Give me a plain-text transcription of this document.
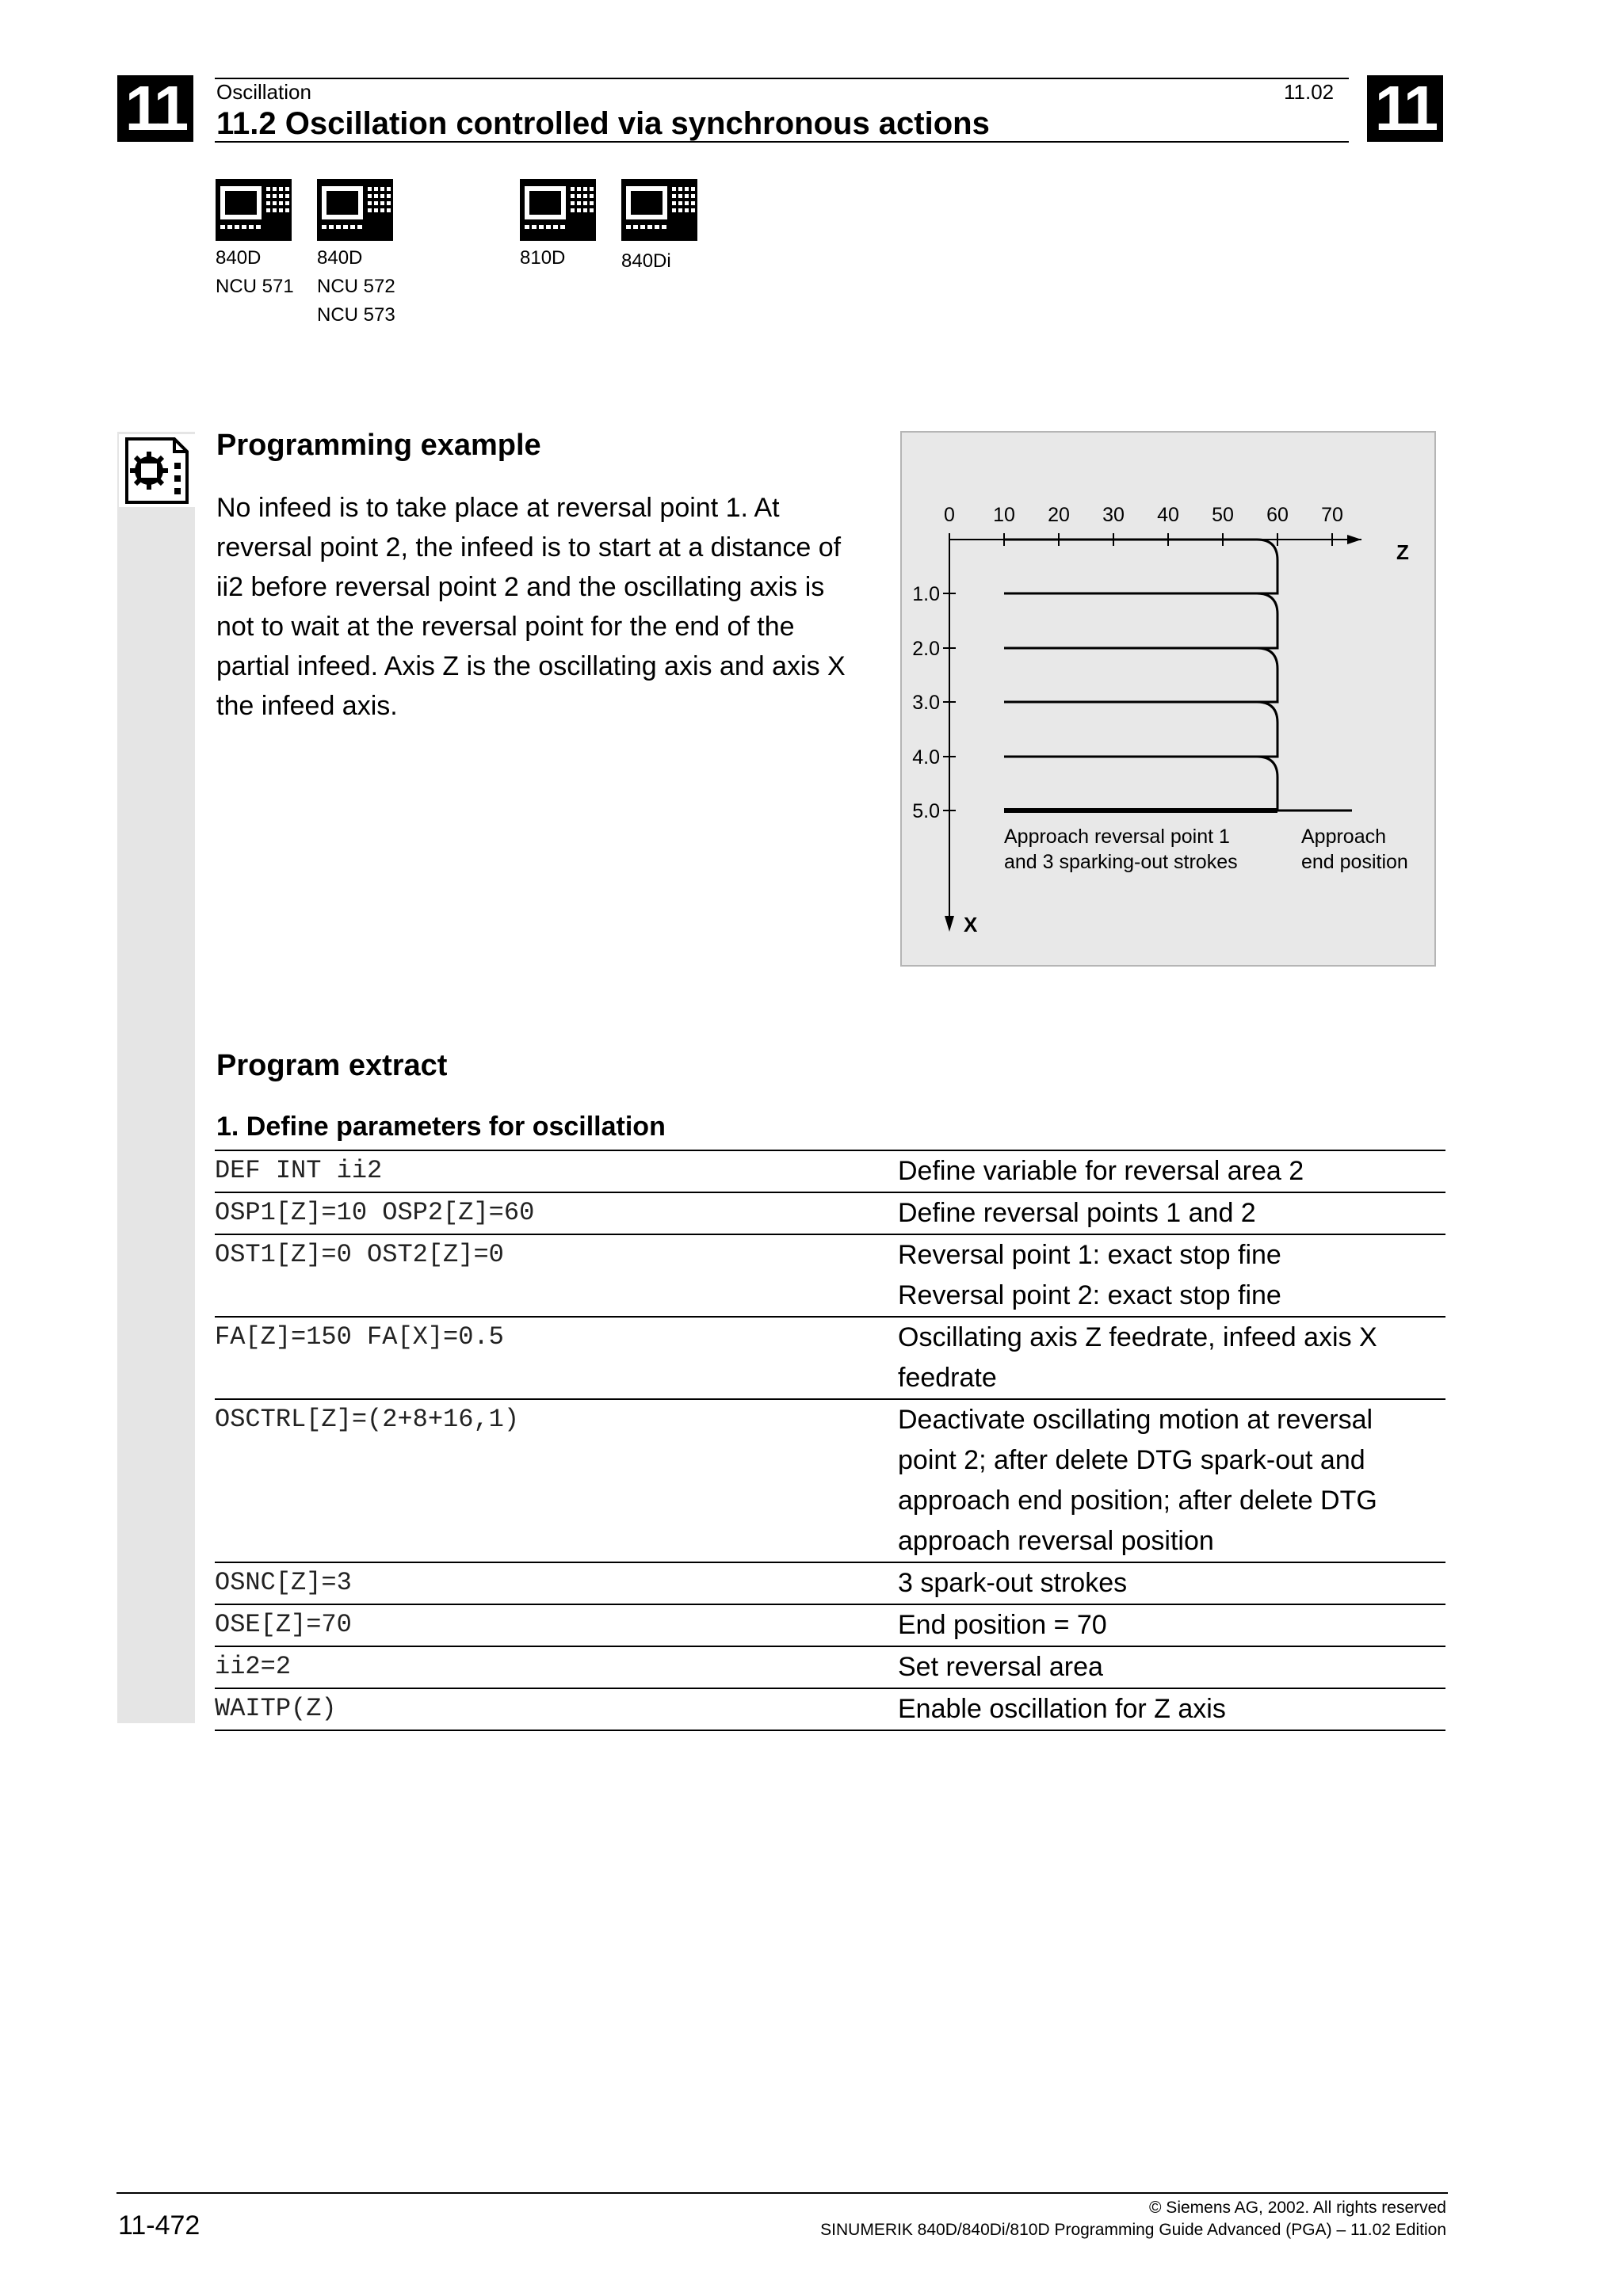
11	11
Oscillation	11.02
11.2 Oscillation controlled via synchronous actions
840D
NCU 571
840D
NCU 572
NCU 573
810D	840Di
Programming example
No infeed is to take place at reversal point 1. At
reversal point 2, the infeed is to start at a distance of
ii2 before reversal point 2 and the oscillating axis is
not to wait at the reversal point for the end of the
partial infeed. Axis Z is the oscillating axis and axis X
the infeed axis.
0 10 20 30 40 50 60 70
Z
1.0
2.0
3.0
4.0
5.0
X
Approach reversal point 1
and 3 sparking-out strokes
Approach
end position
Program extract
1. Define parameters for oscillation
DEF INT ii2	Define variable for reversal area 2
OSP1[Z]=10 OSP2[Z]=60	Define reversal points 1 and 2
OST1[Z]=0 OST2[Z]=0	Reversal point 1: exact stop fine
Reversal point 2: exact stop fine
FA[Z]=150 FA[X]=0.5	Oscillating axis Z feedrate, infeed axis X
feedrate
OSCTRL[Z]=(2+8+16,1)	Deactivate oscillating motion at reversal
point 2; after delete DTG spark-out and
approach end position; after delete DTG
approach reversal position
OSNC[Z]=3	3 spark-out strokes
OSE[Z]=70	End position = 70
ii2=2	Set reversal area
WAITP(Z)	Enable oscillation for Z axis
11-472
© Siemens AG, 2002. All rights reserved
SINUMERIK 840D/840Di/810D Programming Guide Advanced (PGA) – 11.02 Edition
